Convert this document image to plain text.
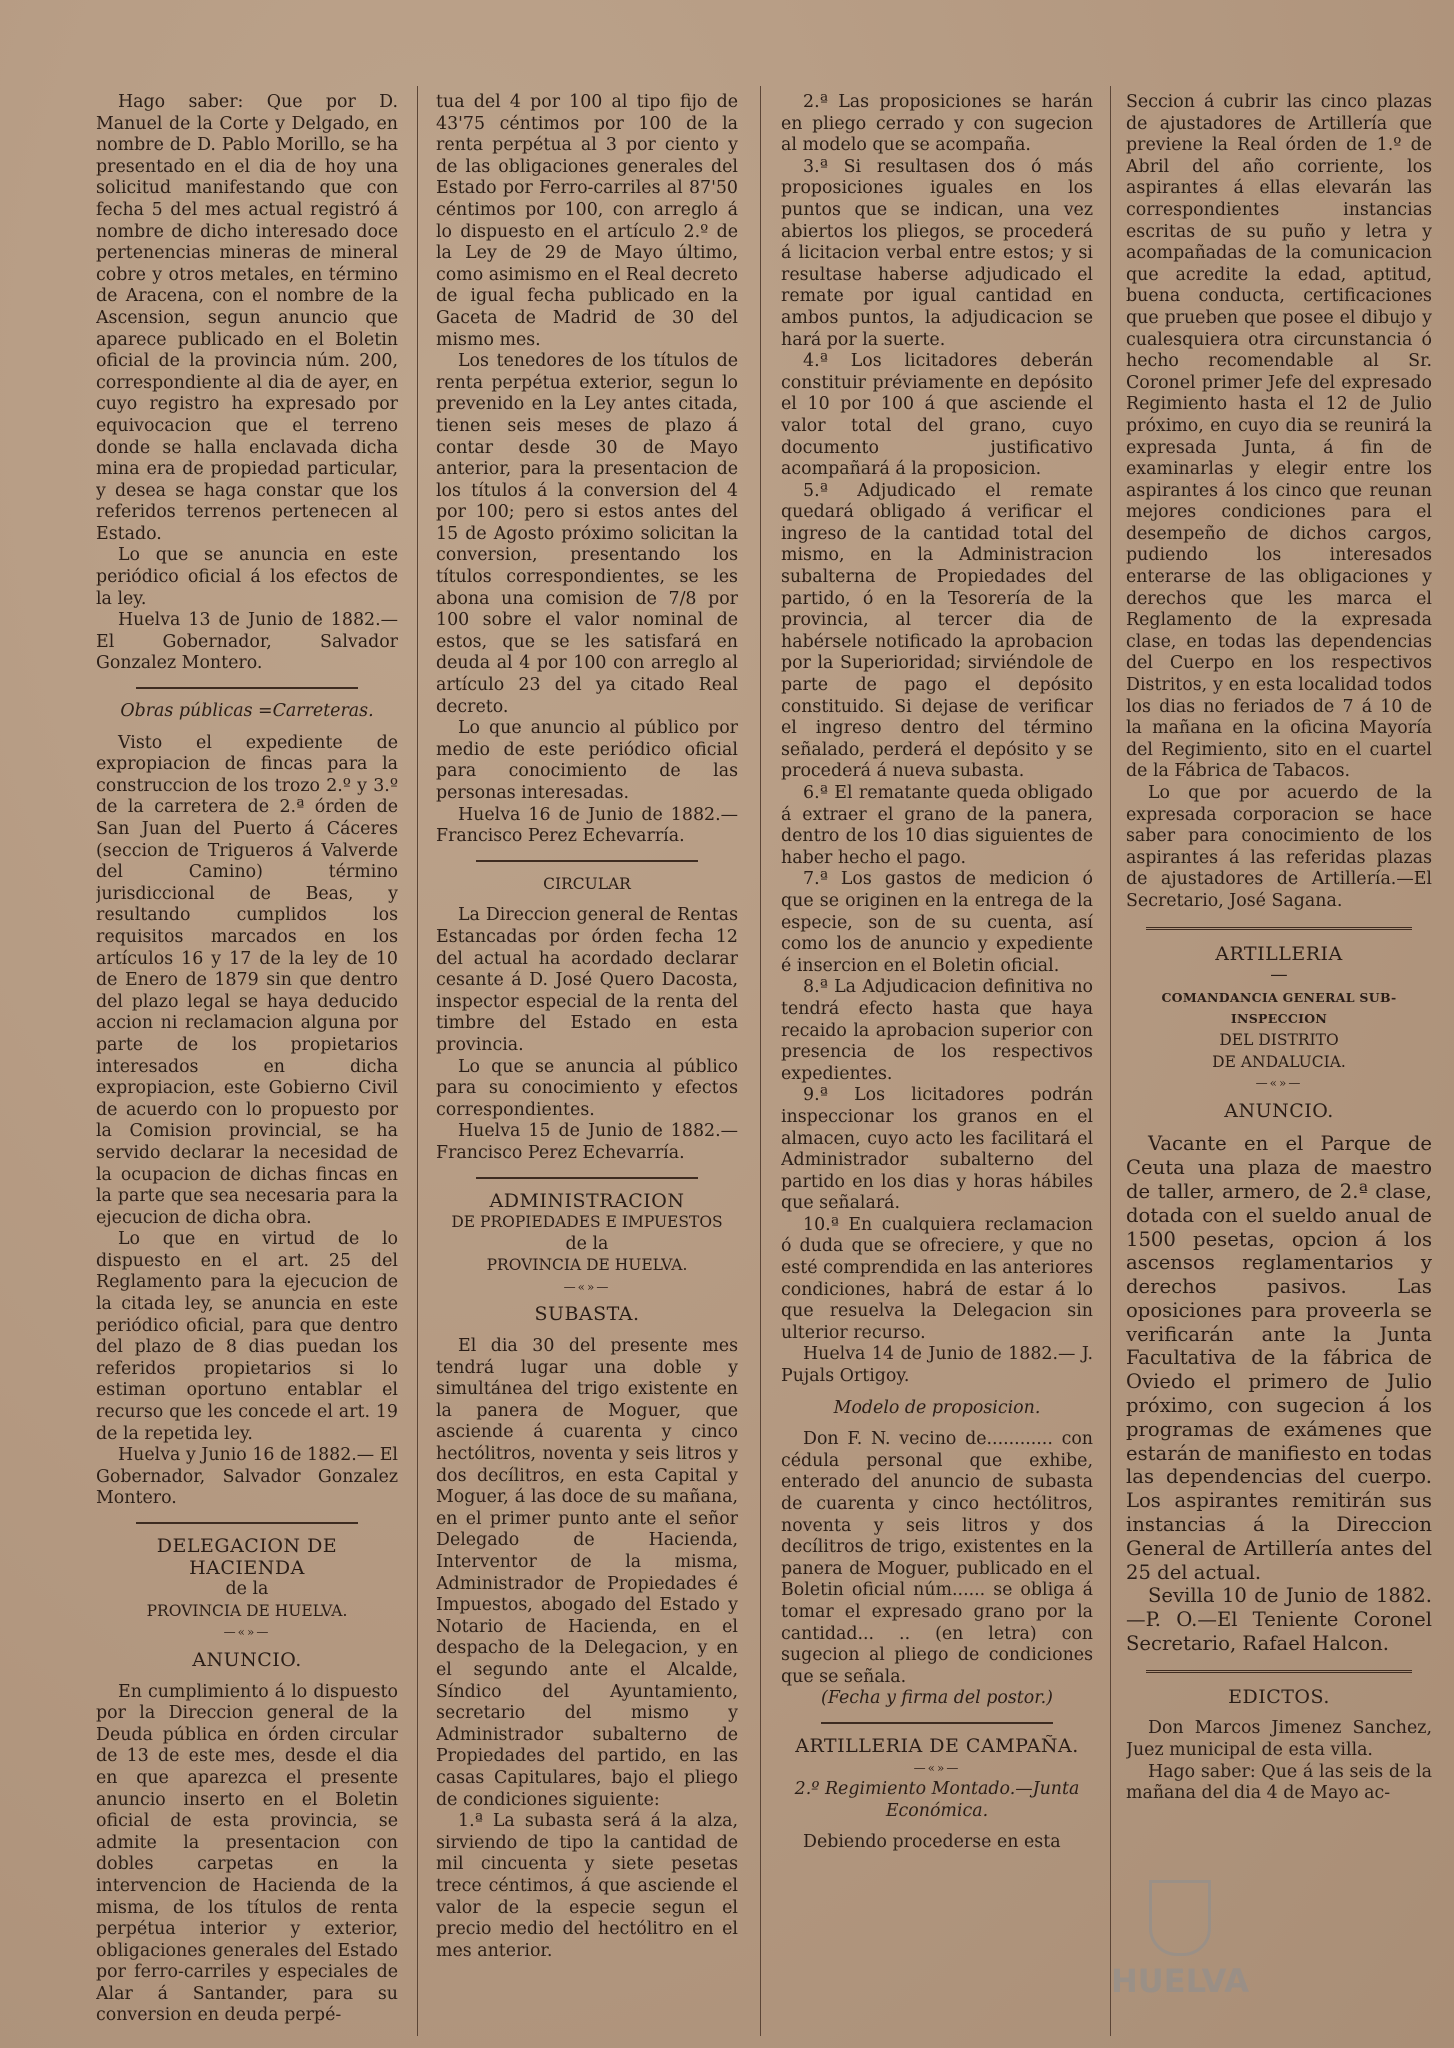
Hago saber: Que por D. Manuel de la Corte y Delgado, en nombre de D. Pablo Morillo, se ha presentado en el dia de hoy una solicitud manifestando que con fecha 5 del mes actual registró á nombre de dicho interesado doce pertenencias mineras de mineral cobre y otros metales, en término de Aracena, con el nombre de la Ascension, segun anuncio que aparece publicado en el Boletin oficial de la provincia núm. 200, correspondiente al dia de ayer, en cuyo registro ha expresado por equivocacion que el terreno donde se halla enclavada dicha mina era de propiedad particular, y desea se haga constar que los referidos terrenos pertenecen al Estado.

Lo que se anuncia en este periódico oficial á los efectos de la ley.

Huelva 13 de Junio de 1882.— El Gobernador, Salvador Gonzalez Montero.

Obras públicas =Carreteras.

Visto el expediente de expropiacion de fincas para la construccion de los trozo 2.º y 3.º de la carretera de 2.ª órden de San Juan del Puerto á Cáceres (seccion de Trigueros á Valverde del Camino) término jurisdiccional de Beas, y resultando cumplidos los requisitos marcados en los artículos 16 y 17 de la ley de 10 de Enero de 1879 sin que dentro del plazo legal se haya deducido accion ni reclamacion alguna por parte de los propietarios interesados en dicha expropiacion, este Gobierno Civil de acuerdo con lo propuesto por la Comision provincial, se ha servido declarar la necesidad de la ocupacion de dichas fincas en la parte que sea necesaria para la ejecucion de dicha obra.

Lo que en virtud de lo dispuesto en el art. 25 del Reglamento para la ejecucion de la citada ley, se anuncia en este periódico oficial, para que dentro del plazo de 8 dias puedan los referidos propietarios si lo estiman oportuno entablar el recurso que les concede el art. 19 de la repetida ley.

Huelva y Junio 16 de 1882.— El Gobernador, Salvador Gonzalez Montero.

DELEGACION DE HACIENDA

de la

PROVINCIA DE HUELVA.

—«»—

ANUNCIO.

En cumplimiento á lo dispuesto por la Direccion general de la Deuda pública en órden circular de 13 de este mes, desde el dia en que aparezca el presente anuncio inserto en el Boletin oficial de esta provincia, se admite la presentacion con dobles carpetas en la intervencion de Hacienda de la misma, de los títulos de renta perpétua interior y exterior, obligaciones generales del Estado por ferro-carriles y especiales de Alar á Santander, para su conversion en deuda perpé-

tua del 4 por 100 al tipo fijo de 43'75 céntimos por 100 de la renta perpétua al 3 por ciento y de las obligaciones generales del Estado por Ferro-carriles al 87'50 céntimos por 100, con arreglo á lo dispuesto en el artículo 2.º de la Ley de 29 de Mayo último, como asimismo en el Real decreto de igual fecha publicado en la Gaceta de Madrid de 30 del mismo mes.

Los tenedores de los títulos de renta perpétua exterior, segun lo prevenido en la Ley antes citada, tienen seis meses de plazo á contar desde 30 de Mayo anterior, para la presentacion de los títulos á la conversion del 4 por 100; pero si estos antes del 15 de Agosto próximo solicitan la conversion, presentando los títulos correspondientes, se les abona una comision de 7/8 por 100 sobre el valor nominal de estos, que se les satisfará en deuda al 4 por 100 con arreglo al artículo 23 del ya citado Real decreto.

Lo que anuncio al público por medio de este periódico oficial para conocimiento de las personas interesadas.

Huelva 16 de Junio de 1882.— Francisco Perez Echevarría.

CIRCULAR

La Direccion general de Rentas Estancadas por órden fecha 12 del actual ha acordado declarar cesante á D. José Quero Dacosta, inspector especial de la renta del timbre del Estado en esta provincia.

Lo que se anuncia al público para su conocimiento y efectos correspondientes.

Huelva 15 de Junio de 1882.— Francisco Perez Echevarría.

ADMINISTRACION

DE PROPIEDADES E IMPUESTOS

de la

PROVINCIA DE HUELVA.

—«»—

SUBASTA.

El dia 30 del presente mes tendrá lugar una doble y simultánea del trigo existente en la panera de Moguer, que asciende á cuarenta y cinco hectólitros, noventa y seis litros y dos decílitros, en esta Capital y Moguer, á las doce de su mañana, en el primer punto ante el señor Delegado de Hacienda, Interventor de la misma, Administrador de Propiedades é Impuestos, abogado del Estado y Notario de Hacienda, en el despacho de la Delegacion, y en el segundo ante el Alcalde, Síndico del Ayuntamiento, secretario del mismo y Administrador subalterno de Propiedades del partido, en las casas Capitulares, bajo el pliego de condiciones siguiente:

1.ª La subasta será á la alza, sirviendo de tipo la cantidad de mil cincuenta y siete pesetas trece céntimos, á que asciende el valor de la especie segun el precio medio del hectólitro en el mes anterior.

2.ª Las proposiciones se harán en pliego cerrado y con sugecion al modelo que se acompaña.

3.ª Si resultasen dos ó más proposiciones iguales en los puntos que se indican, una vez abiertos los pliegos, se procederá á licitacion verbal entre estos; y si resultase haberse adjudicado el remate por igual cantidad en ambos puntos, la adjudicacion se hará por la suerte.

4.ª Los licitadores deberán constituir préviamente en depósito el 10 por 100 á que asciende el valor total del grano, cuyo documento justificativo acompañará á la proposicion.

5.ª Adjudicado el remate quedará obligado á verificar el ingreso de la cantidad total del mismo, en la Administracion subalterna de Propiedades del partido, ó en la Tesorería de la provincia, al tercer dia de habérsele notificado la aprobacion por la Superioridad; sirviéndole de parte de pago el depósito constituido. Si dejase de verificar el ingreso dentro del término señalado, perderá el depósito y se procederá á nueva subasta.

6.ª El rematante queda obligado á extraer el grano de la panera, dentro de los 10 dias siguientes de haber hecho el pago.

7.ª Los gastos de medicion ó que se originen en la entrega de la especie, son de su cuenta, así como los de anuncio y expediente é insercion en el Boletin oficial.

8.ª La Adjudicacion definitiva no tendrá efecto hasta que haya recaido la aprobacion superior con presencia de los respectivos expedientes.

9.ª Los licitadores podrán inspeccionar los granos en el almacen, cuyo acto les facilitará el Administrador subalterno del partido en los dias y horas hábiles que señalará.

10.ª En cualquiera reclamacion ó duda que se ofreciere, y que no esté comprendida en las anteriores condiciones, habrá de estar á lo que resuelva la Delegacion sin ulterior recurso.

Huelva 14 de Junio de 1882.— J. Pujals Ortigoy.

Modelo de proposicion.

Don F. N. vecino de............ con cédula personal que exhibe, enterado del anuncio de subasta de cuarenta y cinco hectólitros, noventa y seis litros y dos decílitros de trigo, existentes en la panera de Moguer, publicado en el Boletin oficial núm...... se obliga á tomar el expresado grano por la cantidad... .. (en letra) con sugecion al pliego de condiciones que se señala.

(Fecha y firma del postor.)

ARTILLERIA DE CAMPAÑA.

—«»—

2.º Regimiento Montado.—Junta Económica.

Debiendo procederse en esta

Seccion á cubrir las cinco plazas de ajustadores de Artillería que previene la Real órden de 1.º de Abril del año corriente, los aspirantes á ellas elevarán las correspondientes instancias escritas de su puño y letra y acompañadas de la comunicacion que acredite la edad, aptitud, buena conducta, certificaciones que prueben que posee el dibujo y cualesquiera otra circunstancia ó hecho recomendable al Sr. Coronel primer Jefe del expresado Regimiento hasta el 12 de Julio próximo, en cuyo dia se reunirá la expresada Junta, á fin de examinarlas y elegir entre los aspirantes á los cinco que reunan mejores condiciones para el desempeño de dichos cargos, pudiendo los interesados enterarse de las obligaciones y derechos que les marca el Reglamento de la expresada clase, en todas las dependencias del Cuerpo en los respectivos Distritos, y en esta localidad todos los dias no feriados de 7 á 10 de la mañana en la oficina Mayoría del Regimiento, sito en el cuartel de la Fábrica de Tabacos.

Lo que por acuerdo de la expresada corporacion se hace saber para conocimiento de los aspirantes á las referidas plazas de ajustadores de Artillería.—El Secretario, José Sagana.

ARTILLERIA

—

COMANDANCIA GENERAL SUB-INSPECCION

DEL DISTRITO

DE ANDALUCIA.

—«»—

ANUNCIO.

Vacante en el Parque de Ceuta una plaza de maestro de taller, armero, de 2.ª clase, dotada con el sueldo anual de 1500 pesetas, opcion á los ascensos reglamentarios y derechos pasivos. Las oposiciones para proveerla se verificarán ante la Junta Facultativa de la fábrica de Oviedo el primero de Julio próximo, con sugecion á los programas de exámenes que estarán de manifiesto en todas las dependencias del cuerpo. Los aspirantes remitirán sus instancias á la Direccion General de Artillería antes del 25 del actual.

Sevilla 10 de Junio de 1882.—P. O.—El Teniente Coronel Secretario, Rafael Halcon.

EDICTOS.

Don Marcos Jimenez Sanchez, Juez municipal de esta villa.

Hago saber: Que á las seis de la mañana del dia 4 de Mayo ac-

HUELVA
